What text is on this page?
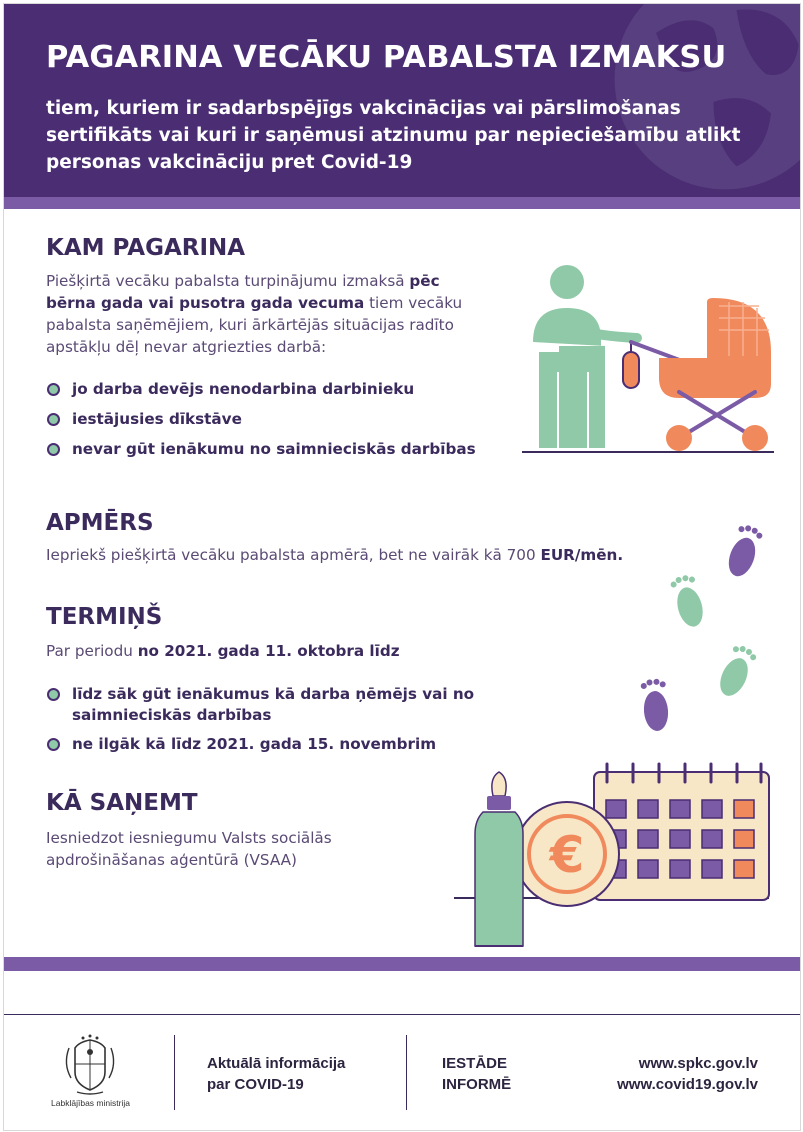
PAGARINA VECĀKU PABALSTA IZMAKSU

tiem, kuriem ir sadarbspējīgs vakcinācijas vai pārslimošanas sertifikāts vai kuri ir saņēmusi atzinumu par nepieciešamību atlikt personas vakcināciju pret Covid-19

KAM PAGARINA

Piešķirtā vecāku pabalsta turpinājumu izmaksā pēc bērna gada vai pusotra gada vecuma tiem vecāku pabalsta saņēmējiem, kuri ārkārtējās situācijas radīto apstākļu dēļ nevar atgriezties darbā:

jo darba devējs nenodarbina darbinieku
iestājusies dīkstāve
nevar gūt ienākumu no saimnieciskās darbības
APMĒRS

Iepriekš piešķirtā vecāku pabalsta apmērā, bet ne vairāk kā 700 EUR/mēn.

TERMIŅŠ

Par periodu no 2021. gada 11. oktobra līdz

līdz sāk gūt ienākumus kā darba ņēmējs vai no saimnieciskās darbības
ne ilgāk kā līdz 2021. gada 15. novembrim
KĀ SAŅEMT

Iesniedzot iesniegumu Valsts sociālās apdrošināšanas aģentūrā (VSAA)	€
Labklājības ministrija

Aktuālā informācija
par COVID-19

IESTĀDE
INFORMĒ

www.spkc.gov.lv
www.covid19.gov.lv
